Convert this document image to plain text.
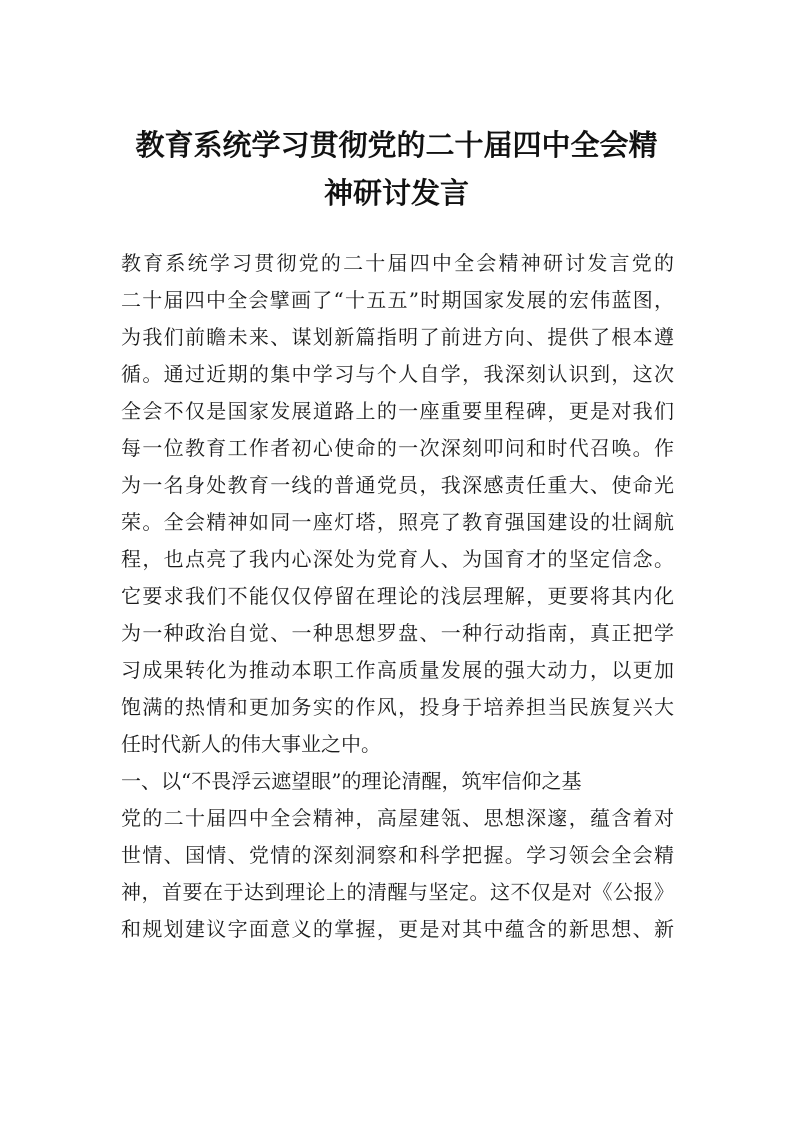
教育系统学习贯彻党的二十届四中全会精
神研讨发言
教育系统学习贯彻党的二十届四中全会精神研讨发言党的
二十届四中全会擘画了“十五五”时期国家发展的宏伟蓝图，
为我们前瞻未来、谋划新篇指明了前进方向、提供了根本遵
循。通过近期的集中学习与个人自学，我深刻认识到，这次
全会不仅是国家发展道路上的一座重要里程碑，更是对我们
每一位教育工作者初心使命的一次深刻叩问和时代召唤。作
为一名身处教育一线的普通党员，我深感责任重大、使命光
荣。全会精神如同一座灯塔，照亮了教育强国建设的壮阔航
程，也点亮了我内心深处为党育人、为国育才的坚定信念。
它要求我们不能仅仅停留在理论的浅层理解，更要将其内化
为一种政治自觉、一种思想罗盘、一种行动指南，真正把学
习成果转化为推动本职工作高质量发展的强大动力，以更加
饱满的热情和更加务实的作风，投身于培养担当民族复兴大
任时代新人的伟大事业之中。
一、以“不畏浮云遮望眼”的理论清醒，筑牢信仰之基
党的二十届四中全会精神，高屋建瓴、思想深邃，蕴含着对
世情、国情、党情的深刻洞察和科学把握。学习领会全会精
神，首要在于达到理论上的清醒与坚定。这不仅是对《公报》
和规划建议字面意义的掌握，更是对其中蕴含的新思想、新
